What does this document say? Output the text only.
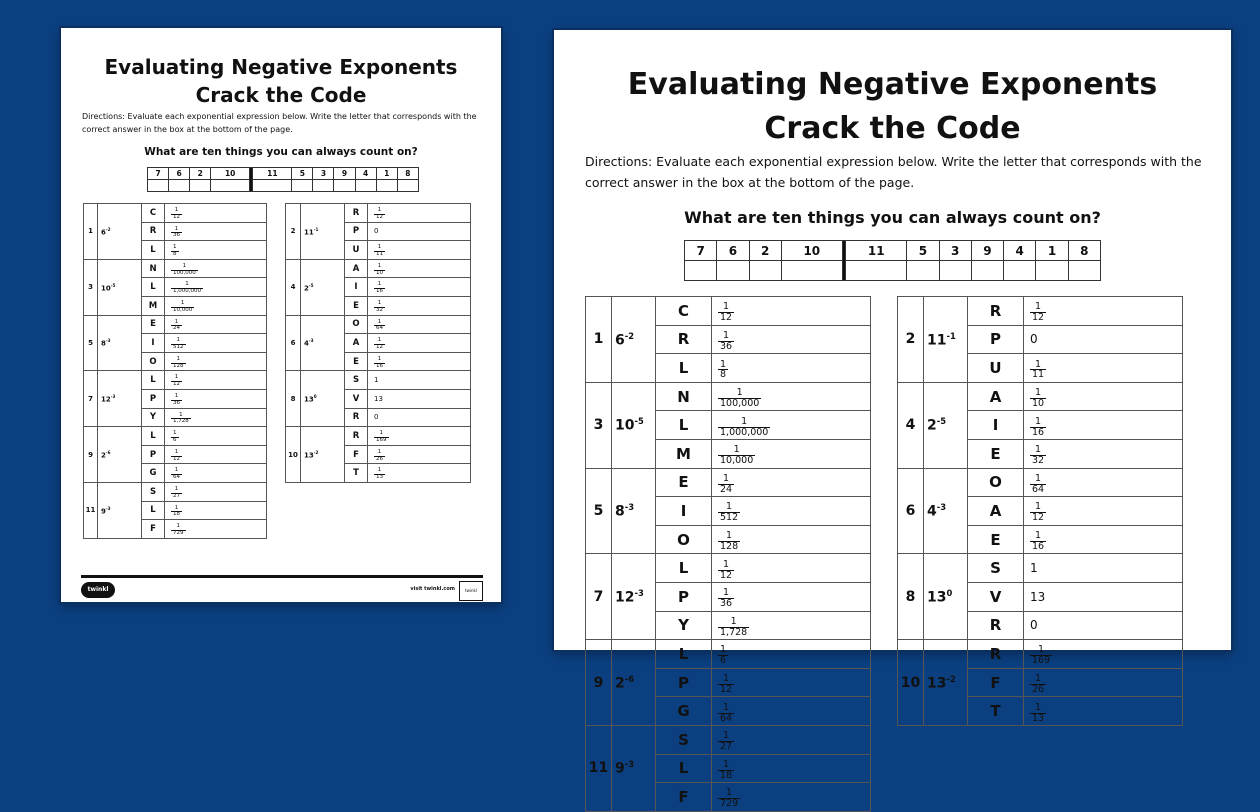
Evaluating Negative Exponents
Crack the Code
Directions: Evaluate each exponential expression below. Write the letter that corresponds with the correct answer in the box at the bottom of the page.
What are ten things you can always count on?
7	6	2	10		11	5	3	9	4	1	8

1	$6^{-2}$	C	$\frac{1}{12}$

		R	$\frac{1}{36}$

		L	$\frac{1}{8}$

3	$10^{-5}$	N	$\frac{1}{100,000}$

		L	$\frac{1}{1,000,000}$

		M	$\frac{1}{10,000}$

5	$8^{-3}$	E	$\frac{1}{24}$

		I	$\frac{1}{512}$

		O	$\frac{1}{128}$

7	$12^{-3}$	L	$\frac{1}{12}$

		P	$\frac{1}{36}$

		Y	$\frac{1}{1,728}$

9	$2^{-6}$	L	$\frac{1}{6}$

		P	$\frac{1}{12}$

		G	$\frac{1}{64}$

11	$9^{-3}$	S	$\frac{1}{27}$

		L	$\frac{1}{18}$

		F	$\frac{1}{729}$
2	$11^{-1}$	R	$\frac{1}{12}$

		P	0
		U	$\frac{1}{11}$

4	$2^{-5}$	A	$\frac{1}{10}$

		I	$\frac{1}{16}$

		E	$\frac{1}{32}$

6	$4^{-3}$	O	$\frac{1}{64}$

		A	$\frac{1}{12}$

		E	$\frac{1}{16}$

8	$13^0$	S	1
		V	13
		R	0
10	$13^{-2}$	R	$\frac{1}{169}$

		F	$\frac{1}{26}$

		T	$\frac{1}{13}$
twinkl	visit twinkl.com	twinkl
Evaluating Negative Exponents
Crack the Code
Directions: Evaluate each exponential expression below. Write the letter that corresponds with the correct answer in the box at the bottom of the page.
What are ten things you can always count on?
7	6	2	10		11	5	3	9	4	1	8

1	$6^{-2}$	C	$\frac{1}{12}$

		R	$\frac{1}{36}$

		L	$\frac{1}{8}$

3	$10^{-5}$	N	$\frac{1}{100,000}$

		L	$\frac{1}{1,000,000}$

		M	$\frac{1}{10,000}$

5	$8^{-3}$	E	$\frac{1}{24}$

		I	$\frac{1}{512}$

		O	$\frac{1}{128}$

7	$12^{-3}$	L	$\frac{1}{12}$

		P	$\frac{1}{36}$

		Y	$\frac{1}{1,728}$

9	$2^{-6}$	L	$\frac{1}{6}$

		P	$\frac{1}{12}$

		G	$\frac{1}{64}$

11	$9^{-3}$	S	$\frac{1}{27}$

		L	$\frac{1}{18}$

		F	$\frac{1}{729}$
2	$11^{-1}$	R	$\frac{1}{12}$

		P	0
		U	$\frac{1}{11}$

4	$2^{-5}$	A	$\frac{1}{10}$

		I	$\frac{1}{16}$

		E	$\frac{1}{32}$

6	$4^{-3}$	O	$\frac{1}{64}$

		A	$\frac{1}{12}$

		E	$\frac{1}{16}$

8	$13^0$	S	1
		V	13
		R	0
10	$13^{-2}$	R	$\frac{1}{169}$

		F	$\frac{1}{26}$

		T	$\frac{1}{13}$
